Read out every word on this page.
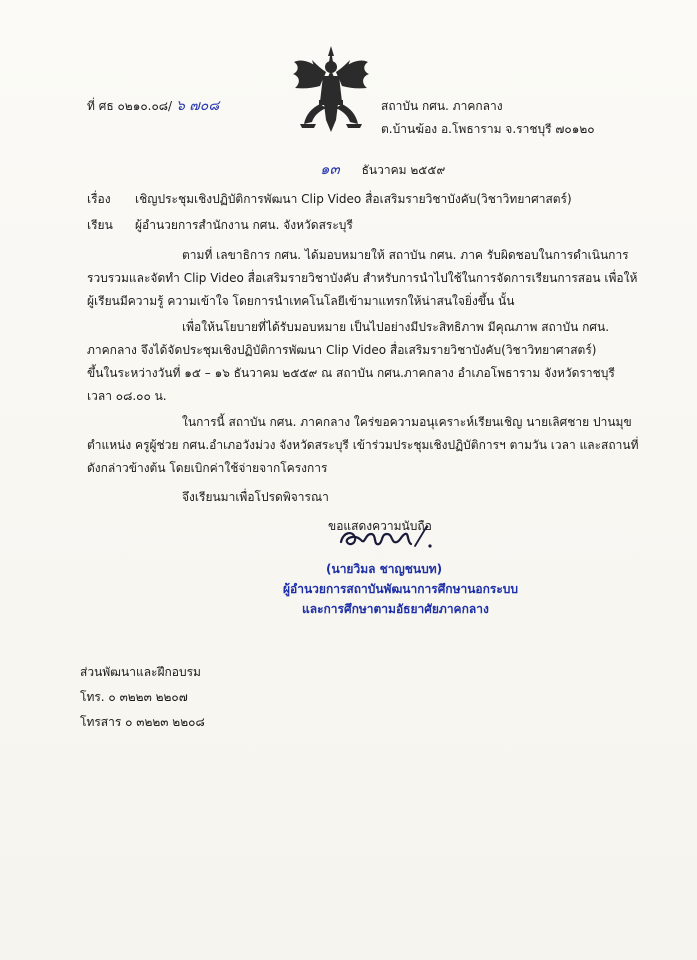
ที่ ศธ ๐๒๑๐.๐๘/ ๖ ๗๐๘	สถาบัน กศน. ภาคกลาง
ต.บ้านฆ้อง อ.โพธาราม จ.ราชบุรี ๗๐๑๒๐
๑๓ ธันวาคม ๒๕๕๙
เรื่อง เชิญประชุมเชิงปฏิบัติการพัฒนา Clip Video สื่อเสริมรายวิชาบังคับ(วิชาวิทยาศาสตร์)
เรียน ผู้อำนวยการสำนักงาน กศน. จังหวัดสระบุรี
ตามที่ เลขาธิการ กศน. ได้มอบหมายให้ สถาบัน กศน. ภาค รับผิดชอบในการดำเนินการ
รวบรวมและจัดทำ Clip Video สื่อเสริมรายวิชาบังคับ สำหรับการนำไปใช้ในการจัดการเรียนการสอน เพื่อให้
ผู้เรียนมีความรู้ ความเข้าใจ โดยการนำเทคโนโลยีเข้ามาแทรกให้น่าสนใจยิ่งขึ้น นั้น
เพื่อให้นโยบายที่ได้รับมอบหมาย เป็นไปอย่างมีประสิทธิภาพ มีคุณภาพ สถาบัน กศน.
ภาคกลาง จึงได้จัดประชุมเชิงปฏิบัติการพัฒนา Clip Video สื่อเสริมรายวิชาบังคับ(วิชาวิทยาศาสตร์)
ขึ้นในระหว่างวันที่ ๑๕ – ๑๖ ธันวาคม ๒๕๕๙ ณ สถาบัน กศน.ภาคกลาง อำเภอโพธาราม จังหวัดราชบุรี
เวลา ๐๘.๐๐ น.
ในการนี้ สถาบัน กศน. ภาคกลาง ใคร่ขอความอนุเคราะห์เรียนเชิญ นายเลิศชาย ปานมุข
ตำแหน่ง ครูผู้ช่วย กศน.อำเภอวังม่วง จังหวัดสระบุรี เข้าร่วมประชุมเชิงปฏิบัติการฯ ตามวัน เวลา และสถานที่
ดังกล่าวข้างต้น โดยเบิกค่าใช้จ่ายจากโครงการ
จึงเรียนมาเพื่อโปรดพิจารณา
ขอแสดงความนับถือ
(นายวิมล ชาญชนบท)
ผู้อำนวยการสถาบันพัฒนาการศึกษานอกระบบ
และการศึกษาตามอัธยาศัยภาคกลาง
ส่วนพัฒนาและฝึกอบรม
โทร. ๐ ๓๒๒๓ ๒๒๐๗
โทรสาร ๐ ๓๒๒๓ ๒๒๐๘
